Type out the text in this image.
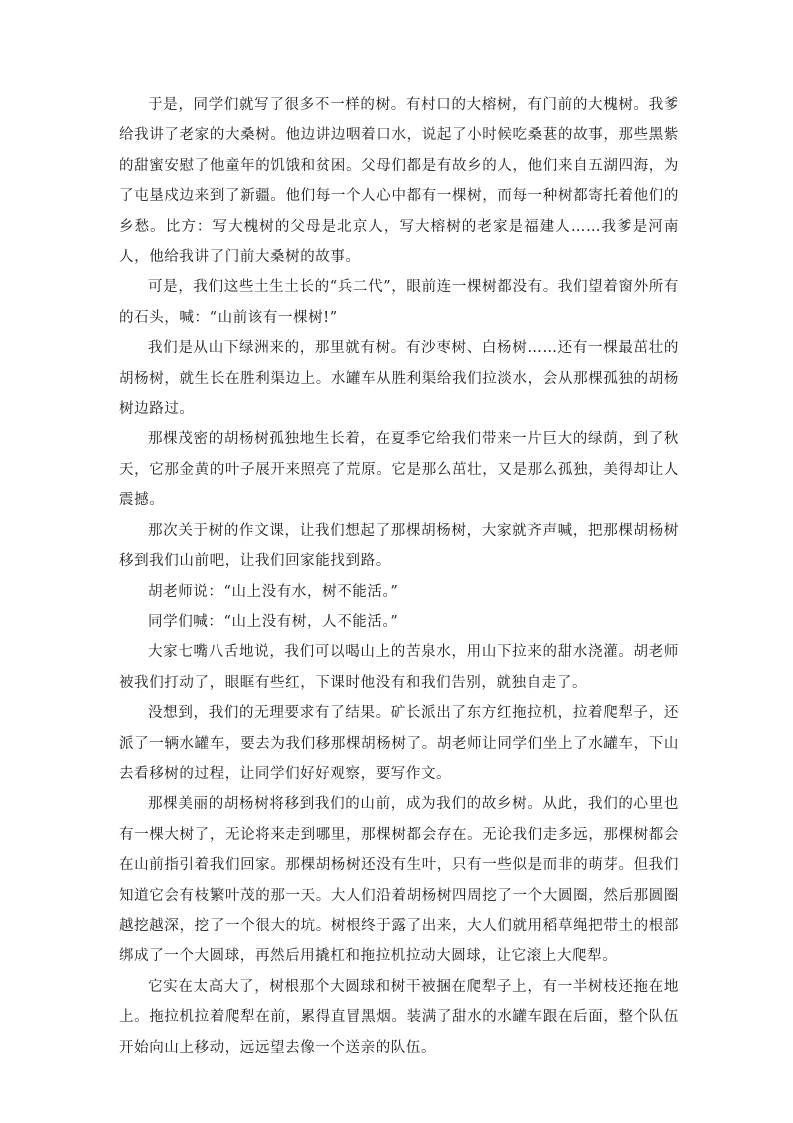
于是，同学们就写了很多不一样的树。有村口的大榕树，有门前的大槐树。我爹给我讲了老家的大桑树。他边讲边咽着口水，说起了小时候吃桑葚的故事，那些黑紫的甜蜜安慰了他童年的饥饿和贫困。父母们都是有故乡的人，他们来自五湖四海，为了屯垦戍边来到了新疆。他们每一个人心中都有一棵树，而每一种树都寄托着他们的乡愁。比方：写大槐树的父母是北京人，写大榕树的老家是福建人……我爹是河南人，他给我讲了门前大桑树的故事。

可是，我们这些土生土长的“兵二代”，眼前连一棵树都没有。我们望着窗外所有的石头，喊：“山前该有一棵树!”

我们是从山下绿洲来的，那里就有树。有沙枣树、白杨树……还有一棵最茁壮的胡杨树，就生长在胜利渠边上。水罐车从胜利渠给我们拉淡水，会从那棵孤独的胡杨树边路过。

那棵茂密的胡杨树孤独地生长着，在夏季它给我们带来一片巨大的绿荫，到了秋天，它那金黄的叶子展开来照亮了荒原。它是那么茁壮，又是那么孤独，美得却让人震撼。

那次关于树的作文课，让我们想起了那棵胡杨树，大家就齐声喊，把那棵胡杨树移到我们山前吧，让我们回家能找到路。

胡老师说：“山上没有水，树不能活。”

同学们喊：“山上没有树，人不能活。”

大家七嘴八舌地说，我们可以喝山上的苦泉水，用山下拉来的甜水浇灌。胡老师被我们打动了，眼眶有些红，下课时他没有和我们告别，就独自走了。

没想到，我们的无理要求有了结果。矿长派出了东方红拖拉机，拉着爬犁子，还派了一辆水罐车，要去为我们移那棵胡杨树了。胡老师让同学们坐上了水罐车，下山去看移树的过程，让同学们好好观察，要写作文。

那棵美丽的胡杨树将移到我们的山前，成为我们的故乡树。从此，我们的心里也有一棵大树了，无论将来走到哪里，那棵树都会存在。无论我们走多远，那棵树都会在山前指引着我们回家。那棵胡杨树还没有生叶，只有一些似是而非的萌芽。但我们知道它会有枝繁叶茂的那一天。大人们沿着胡杨树四周挖了一个大圆圈，然后那圆圈越挖越深，挖了一个很大的坑。树根终于露了出来，大人们就用稻草绳把带土的根部绑成了一个大圆球，再然后用撬杠和拖拉机拉动大圆球，让它滚上大爬犁。

它实在太高大了，树根那个大圆球和树干被捆在爬犁子上，有一半树枝还拖在地上。拖拉机拉着爬犁在前，累得直冒黑烟。装满了甜水的水罐车跟在后面，整个队伍开始向山上移动，远远望去像一个送亲的队伍。
